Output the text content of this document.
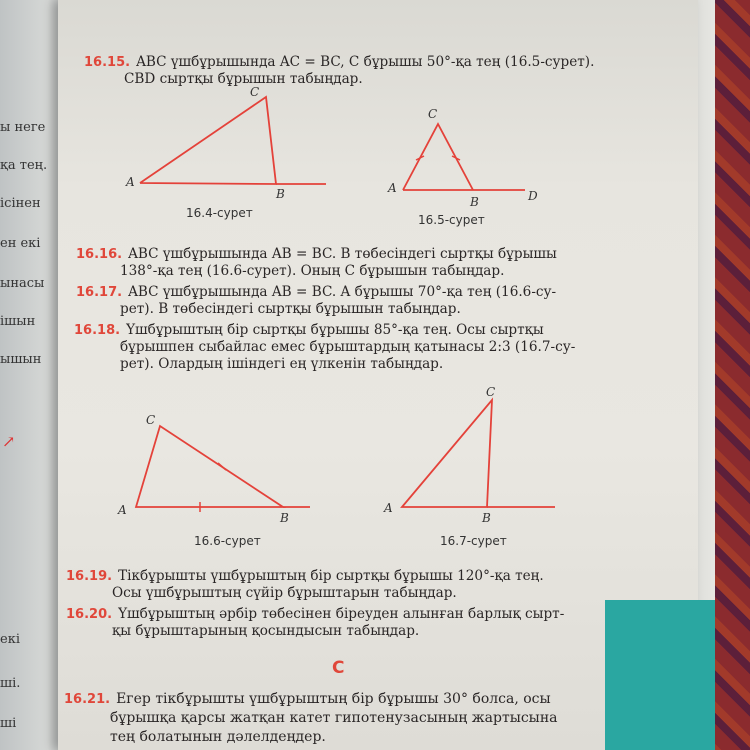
ы неге
қа тең.
ісінен
ен екі
ынасы
ішын
ышын
↗
екі
ші.
ші
16.15. ABC үшбұрышында AC = BC, C бұрышы 50°-қа тең (16.5-сурет).
CBD сыртқы бұрышын табыңдар.
A
B
C
A
B
C
D
A
B
C
A
B
C
16.4-сурет	16.5-сурет
16.16. ABC үшбұрышында AB = BC. B төбесіндегі сыртқы бұрышы
138°-қа тең (16.6-сурет). Оның C бұрышын табыңдар.
16.17. ABC үшбұрышында AB = BC. A бұрышы 70°-қа тең (16.6-су-
рет). B төбесіндегі сыртқы бұрышын табыңдар.
16.18. Үшбұрыштың бір сыртқы бұрышы 85°-қа тең. Осы сыртқы
бұрышпен сыбайлас емес бұрыштардың қатынасы 2:3 (16.7-су-
рет). Олардың ішіндегі ең үлкенін табыңдар.
16.6-сурет	16.7-сурет
16.19. Тікбұрышты үшбұрыштың бір сыртқы бұрышы 120°-қа тең.
Осы үшбұрыштың сүйір бұрыштарын табыңдар.
16.20. Үшбұрыштың әрбір төбесінен біреуден алынған барлық сырт-
қы бұрыштарының қосындысын табыңдар.
C
16.21. Егер тікбұрышты үшбұрыштың бір бұрышы 30° болса, осы
бұрышқа қарсы жатқан катет гипотенузасының жартысына
тең болатынын дәлелдеңдер.
